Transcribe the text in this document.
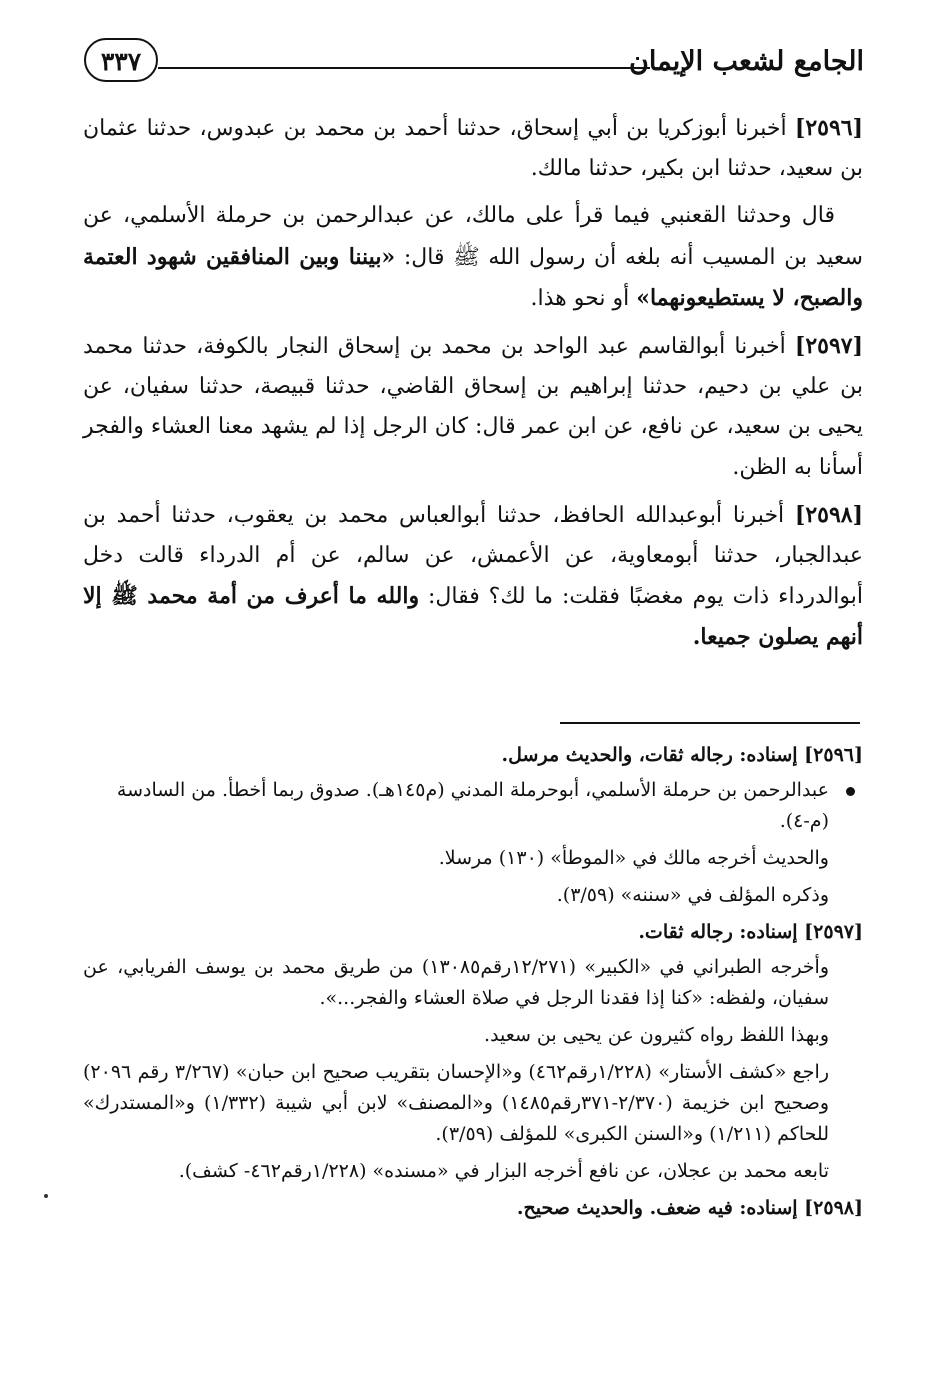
الجامع لشعب الإيمان
٣٣٧

[٢٥٩٦] أخبرنا أبوزكريا بن أبي إسحاق، حدثنا أحمد بن محمد بن عبدوس، حدثنا عثمان بن سعيد، حدثنا ابن بكير، حدثنا مالك.

قال وحدثنا القعنبي فيما قرأ على مالك، عن عبدالرحمن بن حرملة الأسلمي، عن سعيد بن المسيب أنه بلغه أن رسول الله ﷺ قال: «بيننا وبين المنافقين شهود العتمة والصبح، لا يستطيعونهما» أو نحو هذا.

[٢٥٩٧] أخبرنا أبوالقاسم عبد الواحد بن محمد بن إسحاق النجار بالكوفة، حدثنا محمد بن علي بن دحيم، حدثنا إبراهيم بن إسحاق القاضي، حدثنا قبيصة، حدثنا سفيان، عن يحيى بن سعيد، عن نافع، عن ابن عمر قال: كان الرجل إذا لم يشهد معنا العشاء والفجر أسأنا به الظن.

[٢٥٩٨] أخبرنا أبوعبدالله الحافظ، حدثنا أبوالعباس محمد بن يعقوب، حدثنا أحمد بن عبدالجبار، حدثنا أبومعاوية، عن الأعمش، عن سالم، عن أم الدرداء قالت دخل أبوالدرداء ذات يوم مغضبًا فقلت: ما لك؟ فقال: والله ما أعرف من أمة محمد ﷺ إلا أنهم يصلون جميعا.

[٢٥٩٦] إسناده: رجاله ثقات، والحديث مرسل.

عبدالرحمن بن حرملة الأسلمي، أبوحرملة المدني (م١٤٥هـ). صدوق ربما أخطأ. من السادسة (م-٤).

والحديث أخرجه مالك في «الموطأ» (١٣٠) مرسلا.

وذكره المؤلف في «سننه» (٣/٥٩).

[٢٥٩٧] إسناده: رجاله ثقات.

وأخرجه الطبراني في «الكبير» (١٢/٢٧١رقم١٣٠٨٥) من طريق محمد بن يوسف الفريابي، عن سفيان، ولفظه: «كنا إذا فقدنا الرجل في صلاة العشاء والفجر...».

وبهذا اللفظ رواه كثيرون عن يحيى بن سعيد.

راجع «كشف الأستار» (١/٢٢٨رقم٤٦٢) و«الإحسان بتقريب صحيح ابن حبان» (٣/٢٦٧ رقم ٢٠٩٦) وصحيح ابن خزيمة (٢/٣٧٠-٣٧١رقم١٤٨٥) و«المصنف» لابن أبي شيبة (١/٣٣٢) و«المستدرك» للحاكم (١/٢١١) و«السنن الكبرى» للمؤلف (٣/٥٩).

تابعه محمد بن عجلان، عن نافع أخرجه البزار في «مسنده» (١/٢٢٨رقم٤٦٢- كشف).

[٢٥٩٨] إسناده: فيه ضعف. والحديث صحيح.
